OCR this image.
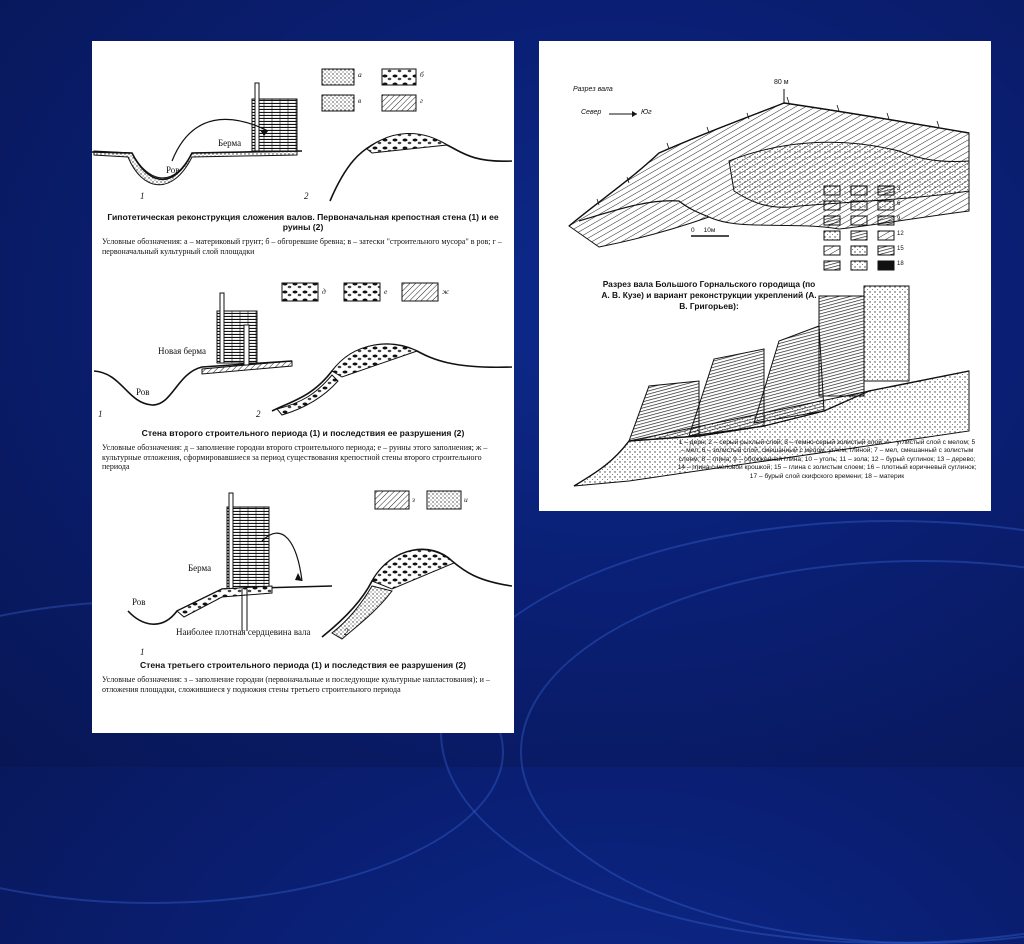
Берма
Ров
1	2
а	б
в	г

Гипотетическая реконструкция сложения валов. Первоначальная крепостная стена (1) и ее руины (2)

Условные обозначения: а – материковый грунт; б – обгоревшие бревна; в – затески "строительного мусора" в ров; г – первоначальный культурный слой площадки

Новая берма
Ров
1	2
д	е	ж

Стена второго строительного периода (1) и последствия ее разрушения (2)

Условные обозначения: д – заполнение городни второго строительного периода; е – руины этого заполнения; ж – культурные отложения, сформировавшиеся за период существования крепостной стены второго строительного периода

Берма
Ров
Наиболее плотная сердцевина вала
1
2
з	и

Стена третьего строительного периода (1) и последствия ее разрушения (2)

Условные обозначения: з – заполнение городни (первоначальные и последующие культурные напластования); и – отложения площадки, сложившиеся у подножия стены третьего строительного периода

Разрез вала
Север	Юг
80 м
0     10м
3
6
9
12
15
18

Разрез вала Большого Горнальского городища (по А. В. Кузе) и вариант реконструкции укреплений (А. В. Григорьев):

1 – дерн; 2 – серый рыхлый слой; 3 – темно-серый золистый слой; 4 – углистый слой с мелом; 5 – мел; 6 – золистый слой, смешанный с мелом, углем, глиной; 7 – мел, смешанный с золистым слоем; 8 – глина; 9 – обожженная глина; 10 – уголь; 11 – зола; 12 – бурый суглинок; 13 – дерево; 14 – глина с меловой крошкой; 15 – глина с золистым слоем; 16 – плотный коричневый суглинок; 17 – бурый слой скифского времени; 18 – материк
